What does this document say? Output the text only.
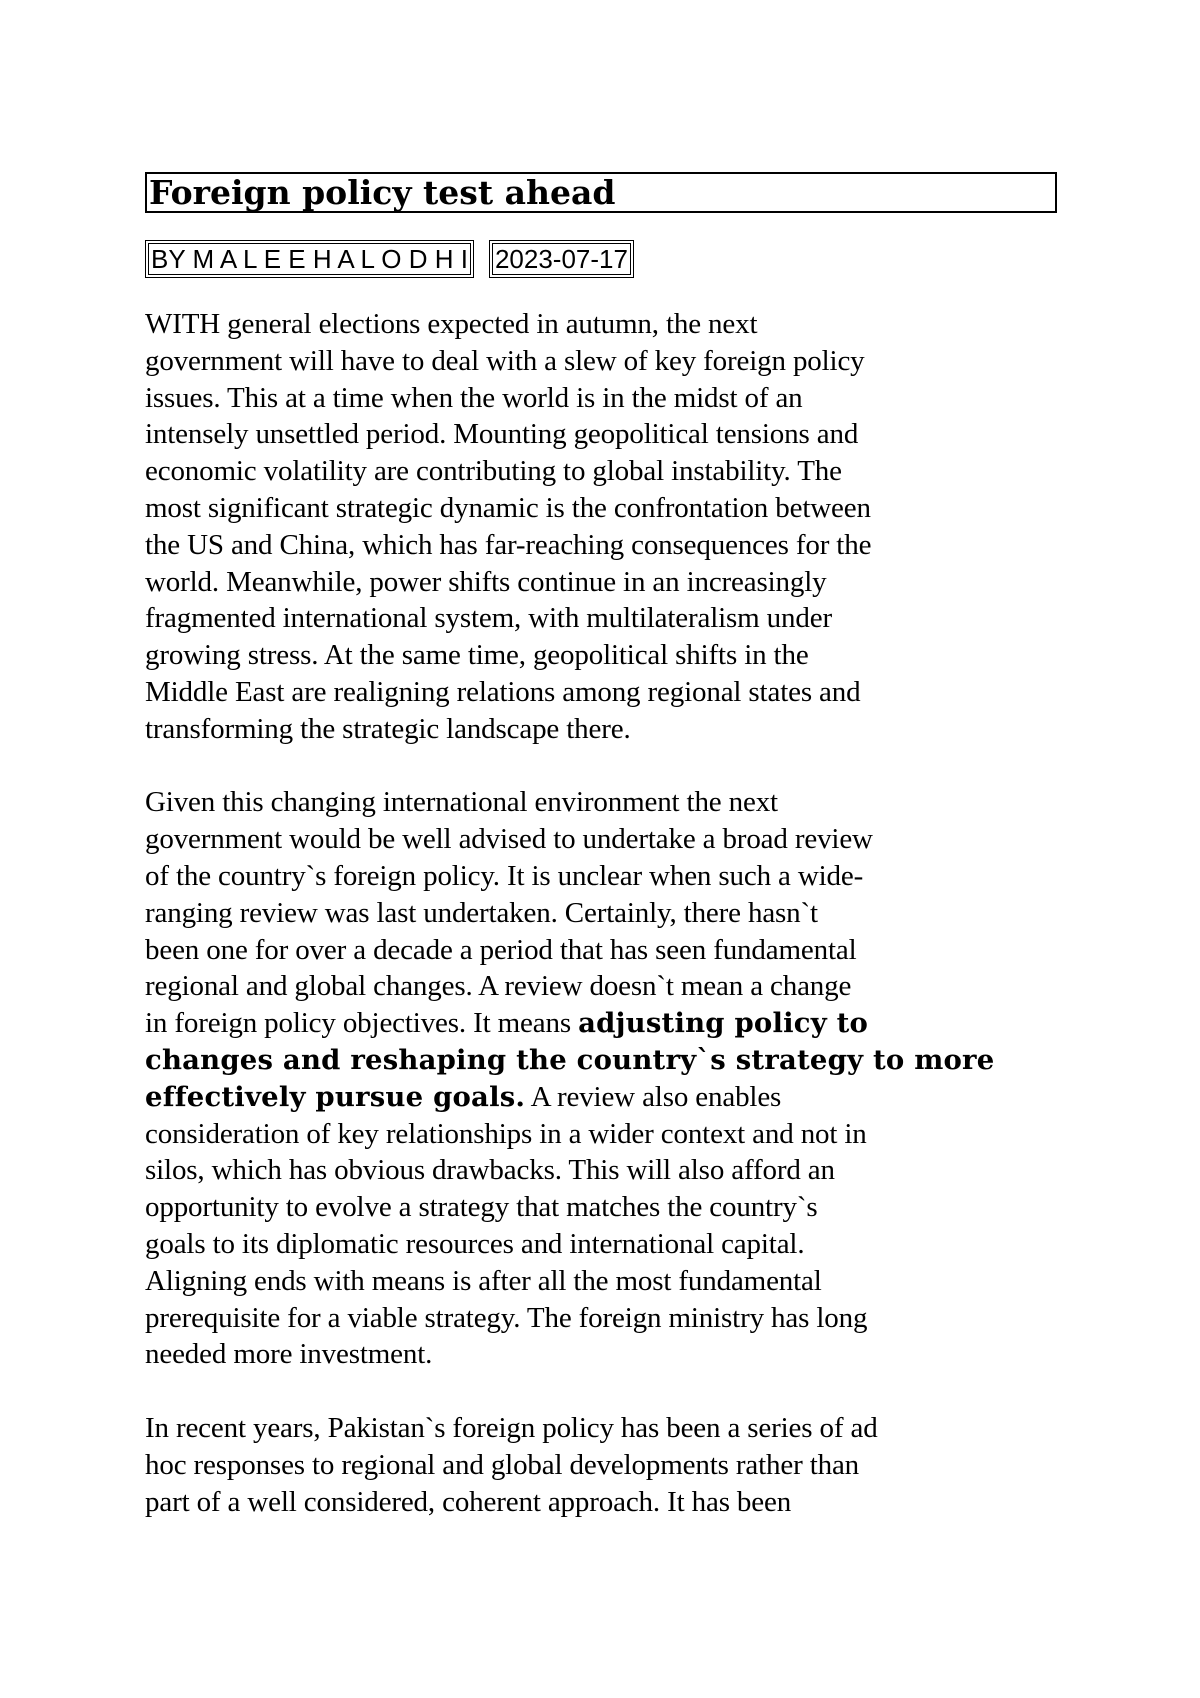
Foreign policy test ahead
BY M A L E E H A L O D H I 2023-07-17

WITH general elections expected in autumn, the next
government will have to deal with a slew of key foreign policy
issues. This at a time when the world is in the midst of an
intensely unsettled period. Mounting geopolitical tensions and
economic volatility are contributing to global instability. The
most significant strategic dynamic is the confrontation between
the US and China, which has far-reaching consequences for the
world. Meanwhile, power shifts continue in an increasingly
fragmented international system, with multilateralism under
growing stress. At the same time, geopolitical shifts in the
Middle East are realigning relations among regional states and
transforming the strategic landscape there.

Given this changing international environment the next
government would be well advised to undertake a broad review
of the country`s foreign policy. It is unclear when such a wide-
ranging review was last undertaken. Certainly, there hasn`t
been one for over a decade a period that has seen fundamental
regional and global changes. A review doesn`t mean a change
in foreign policy objectives. It means adjusting policy to
changes and reshaping the country`s strategy to more
effectively pursue goals. A review also enables
consideration of key relationships in a wider context and not in
silos, which has obvious drawbacks. This will also afford an
opportunity to evolve a strategy that matches the country`s
goals to its diplomatic resources and international capital.
Aligning ends with means is after all the most fundamental
prerequisite for a viable strategy. The foreign ministry has long
needed more investment.

In recent years, Pakistan`s foreign policy has been a series of ad
hoc responses to regional and global developments rather than
part of a well considered, coherent approach. It has been
